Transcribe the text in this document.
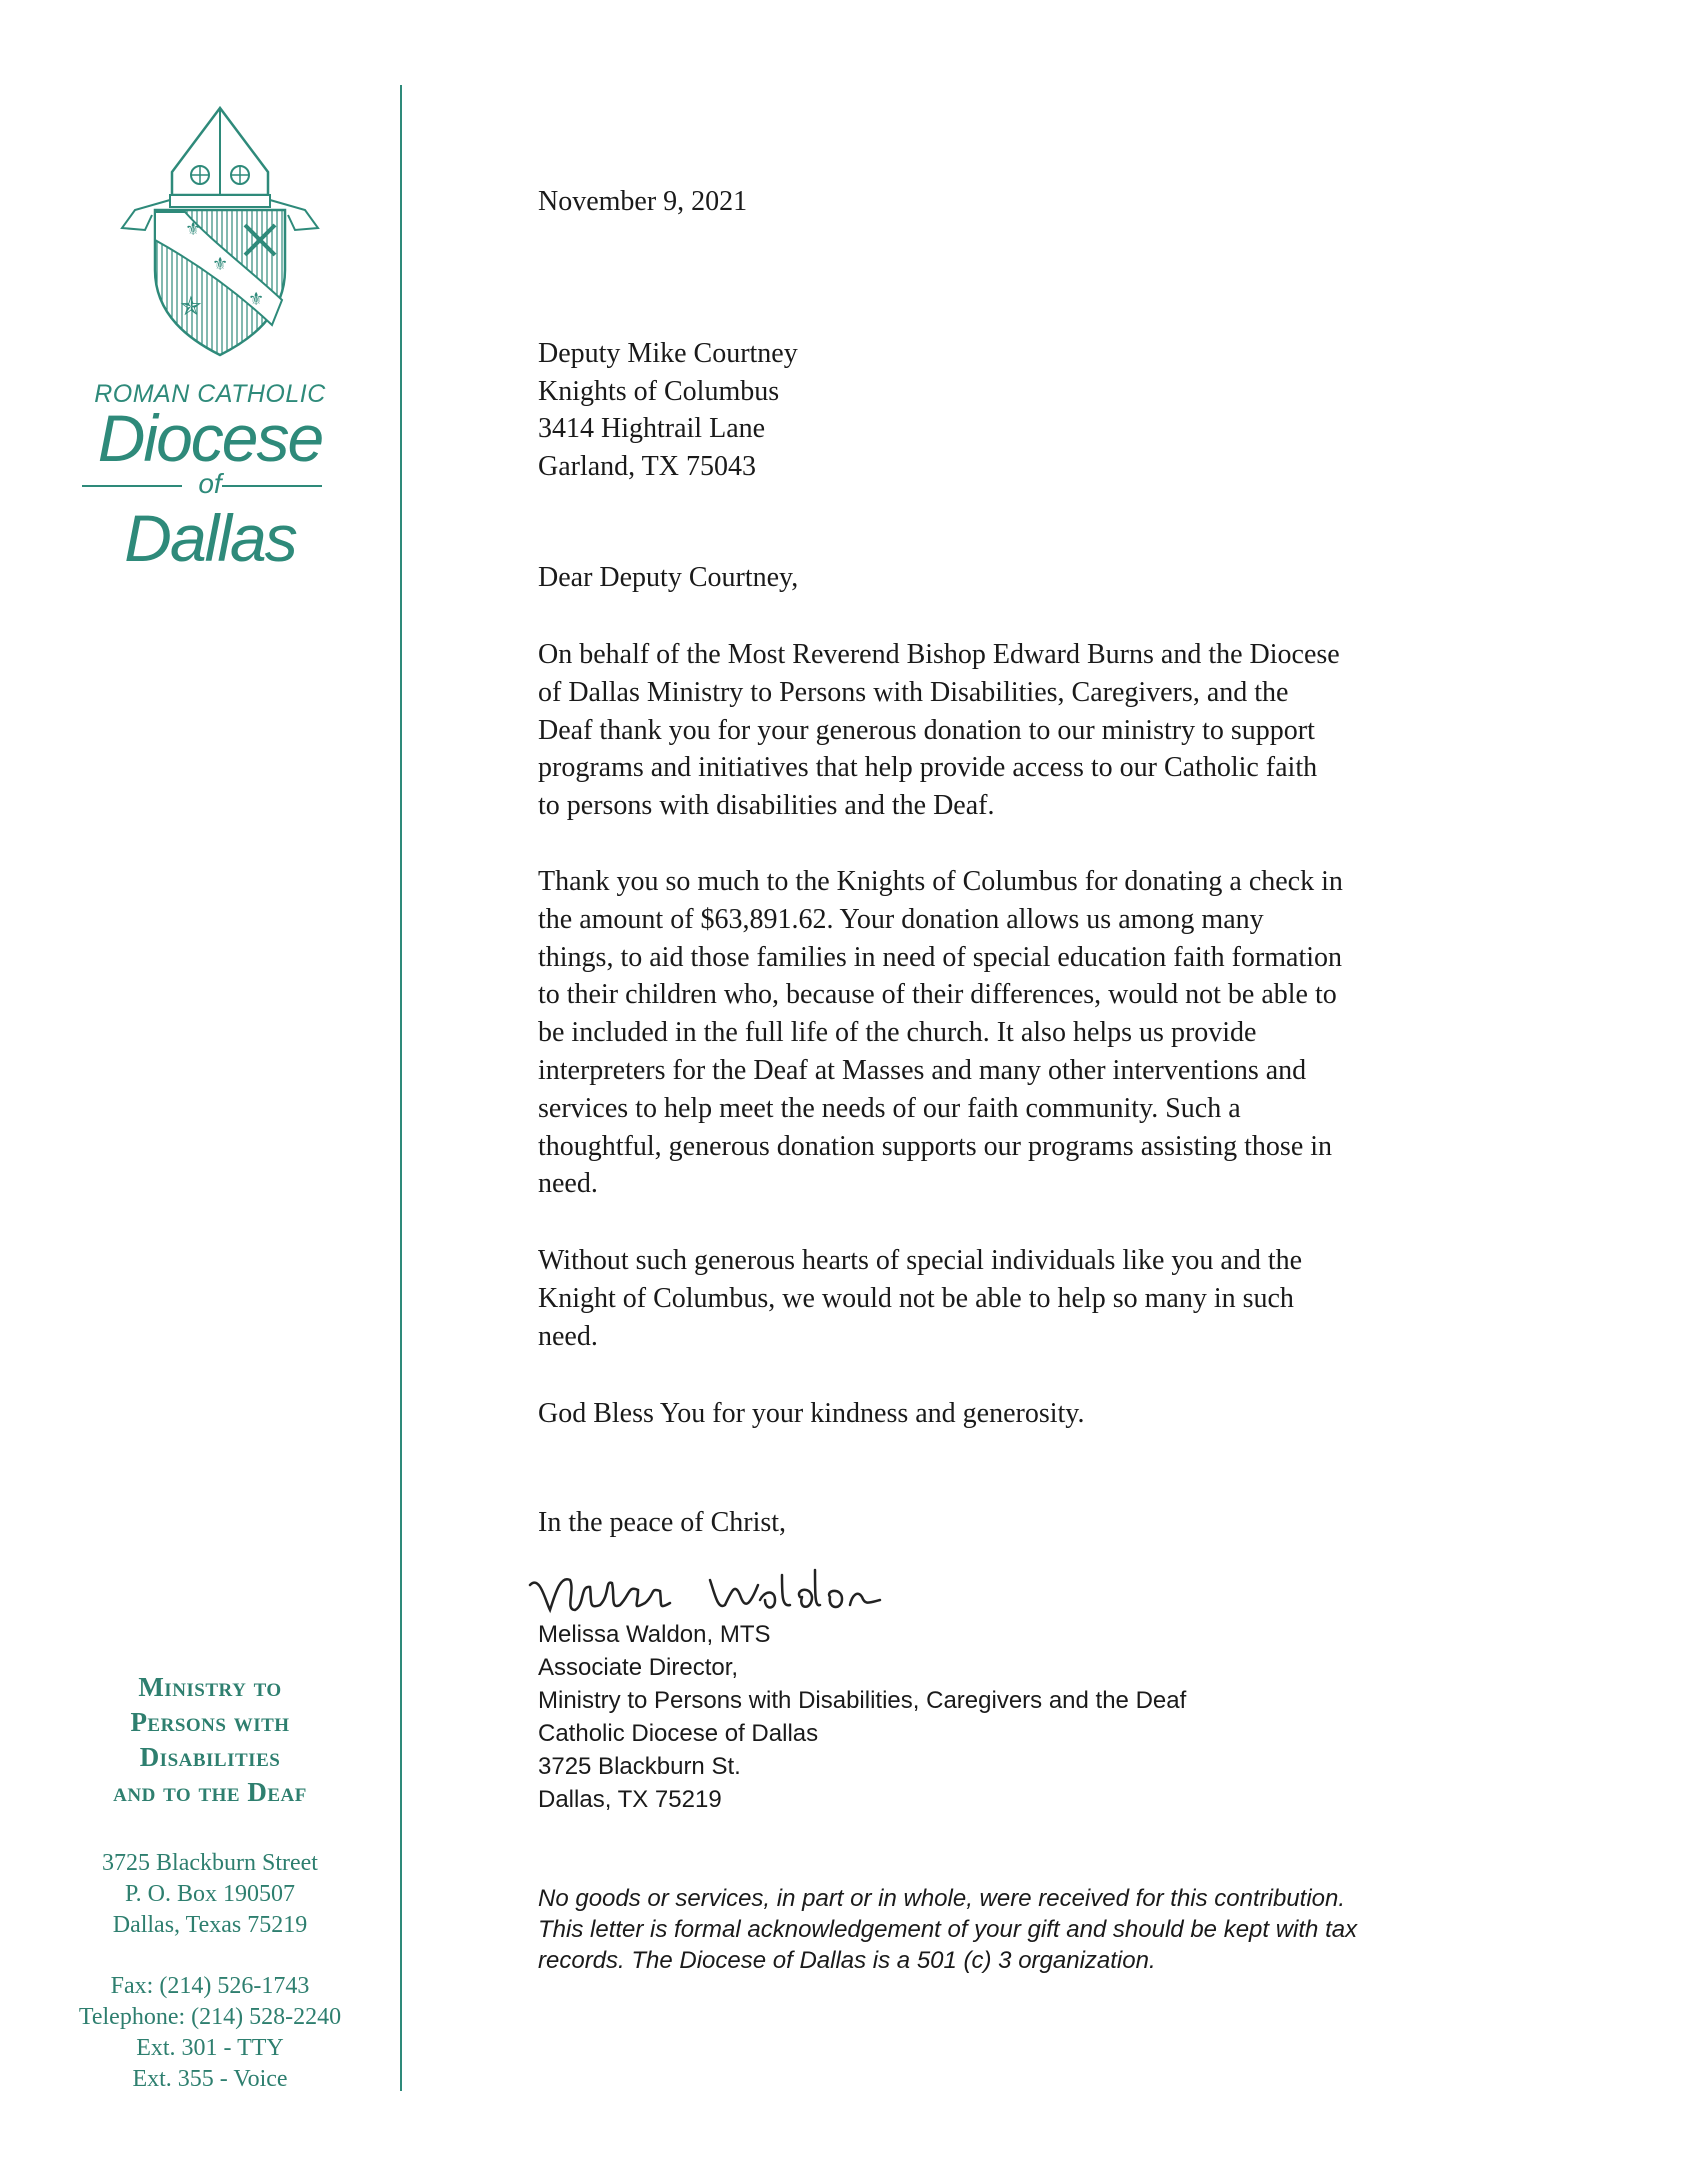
⚜
⚜
⚜
✯
ROMAN CATHOLIC
Diocese
of
Dallas
Ministry to
Persons with
Disabilities
and to the Deaf
3725 Blackburn Street
P. O. Box 190507
Dallas, Texas 75219
Fax: (214) 526-1743
Telephone: (214) 528-2240
Ext. 301 - TTY
Ext. 355 - Voice
November 9, 2021
Deputy Mike Courtney
Knights of Columbus
3414 Hightrail Lane
Garland, TX 75043
Dear Deputy Courtney,
On behalf of the Most Reverend Bishop Edward Burns and the Diocese
of Dallas Ministry to Persons with Disabilities, Caregivers, and the
Deaf thank you for your generous donation to our ministry to support
programs and initiatives that help provide access to our Catholic faith
to persons with disabilities and the Deaf.
Thank you so much to the Knights of Columbus for donating a check in
the amount of $63,891.62. Your donation allows us among many
things, to aid those families in need of special education faith formation
to their children who, because of their differences, would not be able to
be included in the full life of the church. It also helps us provide
interpreters for the Deaf at Masses and many other interventions and
services to help meet the needs of our faith community. Such a
thoughtful, generous donation supports our programs assisting those in
need.
Without such generous hearts of special individuals like you and the
Knight of Columbus, we would not be able to help so many in such
need.
God Bless You for your kindness and generosity.
In the peace of Christ,
Melissa Waldon, MTS
Associate Director,
Ministry to Persons with Disabilities, Caregivers and the Deaf
Catholic Diocese of Dallas
3725 Blackburn St.
Dallas, TX 75219
No goods or services, in part or in whole, were received for this contribution.
This letter is formal acknowledgement of your gift and should be kept with tax
records. The Diocese of Dallas is a 501 (c) 3 organization.
